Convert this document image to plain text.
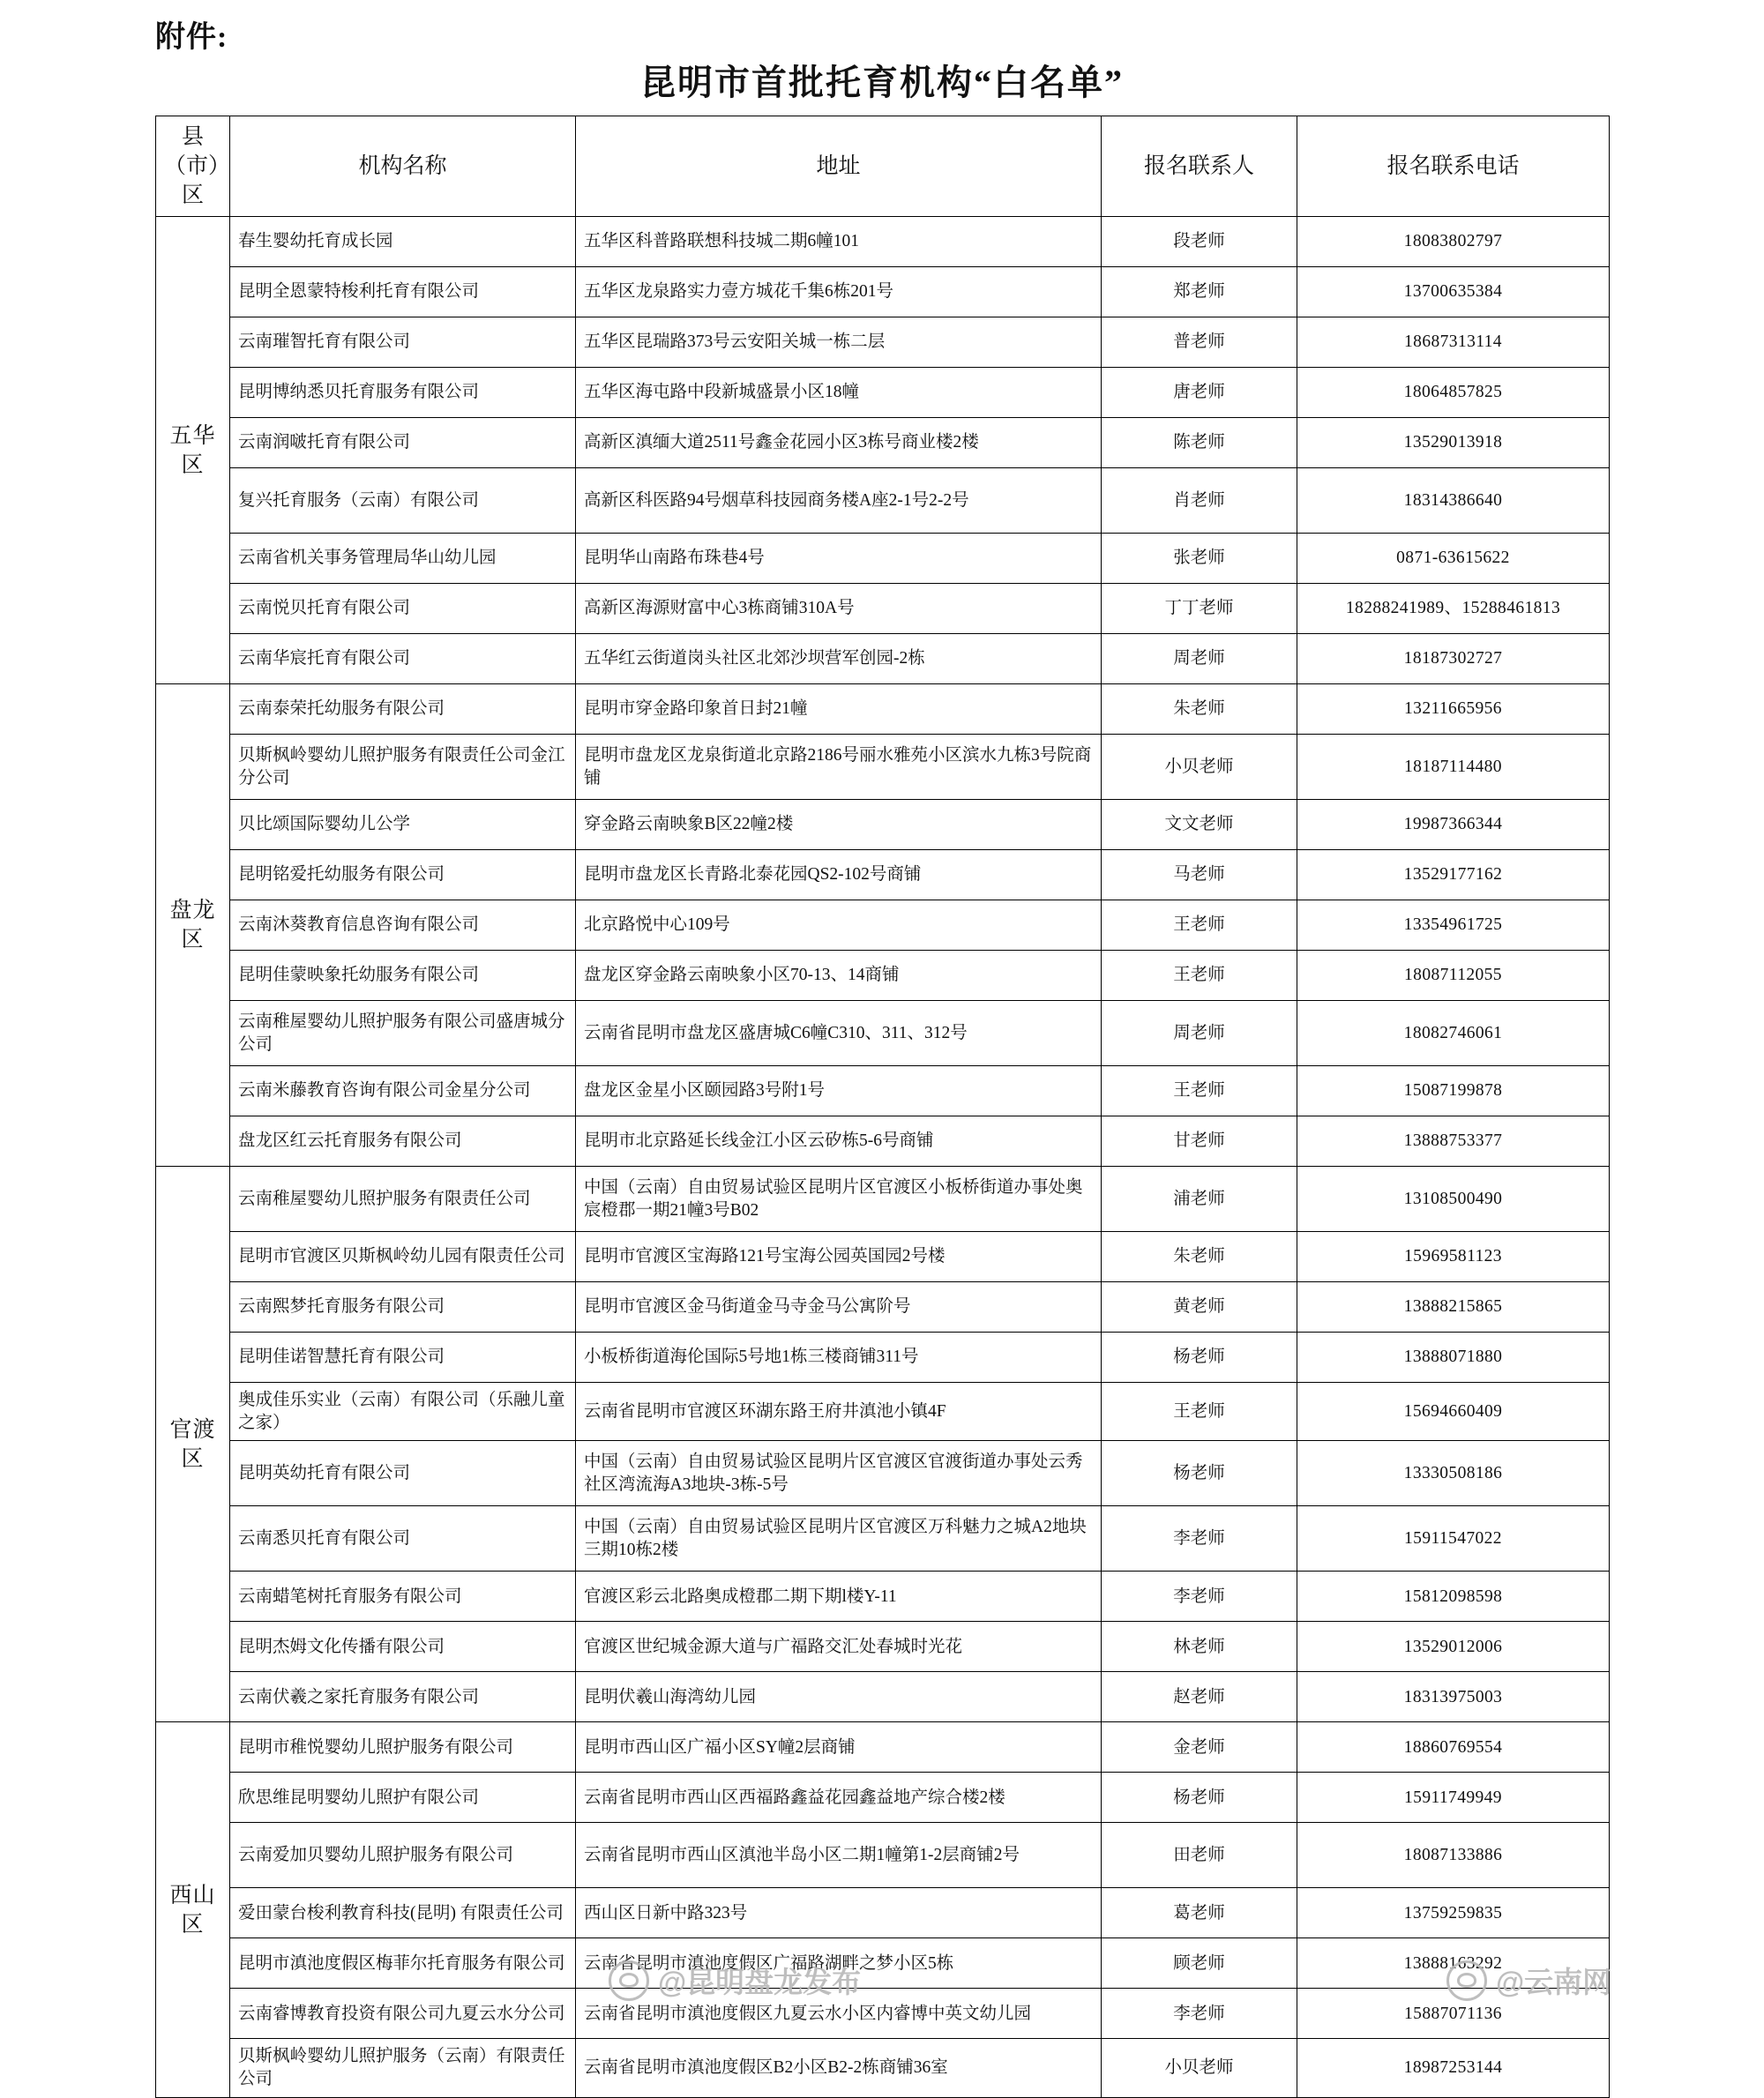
附件:
昆明市首批托育机构“白名单”
县（市）
区	机构名称	地址	报名联系人	报名联系电话
五华区	春生婴幼托育成长园	五华区科普路联想科技城二期6幢101	段老师	18083802797
	昆明全恩蒙特梭利托育有限公司	五华区龙泉路实力壹方城花千集6栋201号	郑老师	13700635384
	云南璀智托育有限公司	五华区昆瑞路373号云安阳关城一栋二层	普老师	18687313114
	昆明博纳悉贝托育服务有限公司	五华区海屯路中段新城盛景小区18幢	唐老师	18064857825
	云南润啵托育有限公司	高新区滇缅大道2511号鑫金花园小区3栋号商业楼2楼	陈老师	13529013918
	复兴托育服务（云南）有限公司	高新区科医路94号烟草科技园商务楼A座2-1号2-2号	肖老师	18314386640
	云南省机关事务管理局华山幼儿园	昆明华山南路布珠巷4号	张老师	0871-63615622
	云南悦贝托育有限公司	高新区海源财富中心3栋商铺310A号	丁丁老师	18288241989、15288461813
	云南华宸托育有限公司	五华红云街道岗头社区北郊沙坝营军创园-2栋	周老师	18187302727
盘龙区	云南泰荣托幼服务有限公司	昆明市穿金路印象首日封21幢	朱老师	13211665956
	贝斯枫岭婴幼儿照护服务有限责任公司金江分公司	昆明市盘龙区龙泉街道北京路2186号丽水雅苑小区滨水九栋3号院商铺	小贝老师	18187114480
	贝比颂国际婴幼儿公学	穿金路云南映象B区22幢2楼	文文老师	19987366344
	昆明铭爱托幼服务有限公司	昆明市盘龙区长青路北泰花园QS2-102号商铺	马老师	13529177162
	云南沐葵教育信息咨询有限公司	北京路悦中心109号	王老师	13354961725
	昆明佳蒙映象托幼服务有限公司	盘龙区穿金路云南映象小区70-13、14商铺	王老师	18087112055
	云南稚屋婴幼儿照护服务有限公司盛唐城分公司	云南省昆明市盘龙区盛唐城C6幢C310、311、312号	周老师	18082746061
	云南米藤教育咨询有限公司金星分公司	盘龙区金星小区颐园路3号附1号	王老师	15087199878
	盘龙区红云托育服务有限公司	昆明市北京路延长线金江小区云矽栋5-6号商铺	甘老师	13888753377
官渡区	云南稚屋婴幼儿照护服务有限责任公司	中国（云南）自由贸易试验区昆明片区官渡区小板桥街道办事处奥宸橙郡一期21幢3号B02	浦老师	13108500490
	昆明市官渡区贝斯枫岭幼儿园有限责任公司	昆明市官渡区宝海路121号宝海公园英国园2号楼	朱老师	15969581123
	云南熙梦托育服务有限公司	昆明市官渡区金马街道金马寺金马公寓阶号	黄老师	13888215865
	昆明佳诺智慧托育有限公司	小板桥街道海伦国际5号地1栋三楼商铺311号	杨老师	13888071880
	奥成佳乐实业（云南）有限公司（乐融儿童之家）	云南省昆明市官渡区环湖东路王府井滇池小镇4F	王老师	15694660409
	昆明英幼托育有限公司	中国（云南）自由贸易试验区昆明片区官渡区官渡街道办事处云秀社区湾流海A3地块-3栋-5号	杨老师	13330508186
	云南悉贝托育有限公司	中国（云南）自由贸易试验区昆明片区官渡区万科魅力之城A2地块三期10栋2楼	李老师	15911547022
	云南蜡笔树托育服务有限公司	官渡区彩云北路奥成橙郡二期下期l楼Y-11	李老师	15812098598
	昆明杰姆文化传播有限公司	官渡区世纪城金源大道与广福路交汇处春城时光花	林老师	13529012006
	云南伏羲之家托育服务有限公司	昆明伏羲山海湾幼儿园	赵老师	18313975003
西山区	昆明市稚悦婴幼儿照护服务有限公司	昆明市西山区广福小区SY幢2层商铺	金老师	18860769554
	欣思维昆明婴幼儿照护有限公司	云南省昆明市西山区西福路鑫益花园鑫益地产综合楼2楼	杨老师	15911749949
	云南爱加贝婴幼儿照护服务有限公司	云南省昆明市西山区滇池半岛小区二期1幢第1-2层商铺2号	田老师	18087133886
	爱田蒙台梭利教育科技(昆明) 有限责任公司	西山区日新中路323号	葛老师	13759259835
	昆明市滇池度假区梅菲尔托育服务有限公司	云南省昆明市滇池度假区广福路湖畔之梦小区5栋	顾老师	13888163292
	云南睿博教育投资有限公司九夏云水分公司	云南省昆明市滇池度假区九夏云水小区内睿博中英文幼儿园	李老师	15887071136
	贝斯枫岭婴幼儿照护服务（云南）有限责任公司	云南省昆明市滇池度假区B2小区B2-2栋商铺36室	小贝老师	18987253144
@昆明盘龙发布	@云南网
